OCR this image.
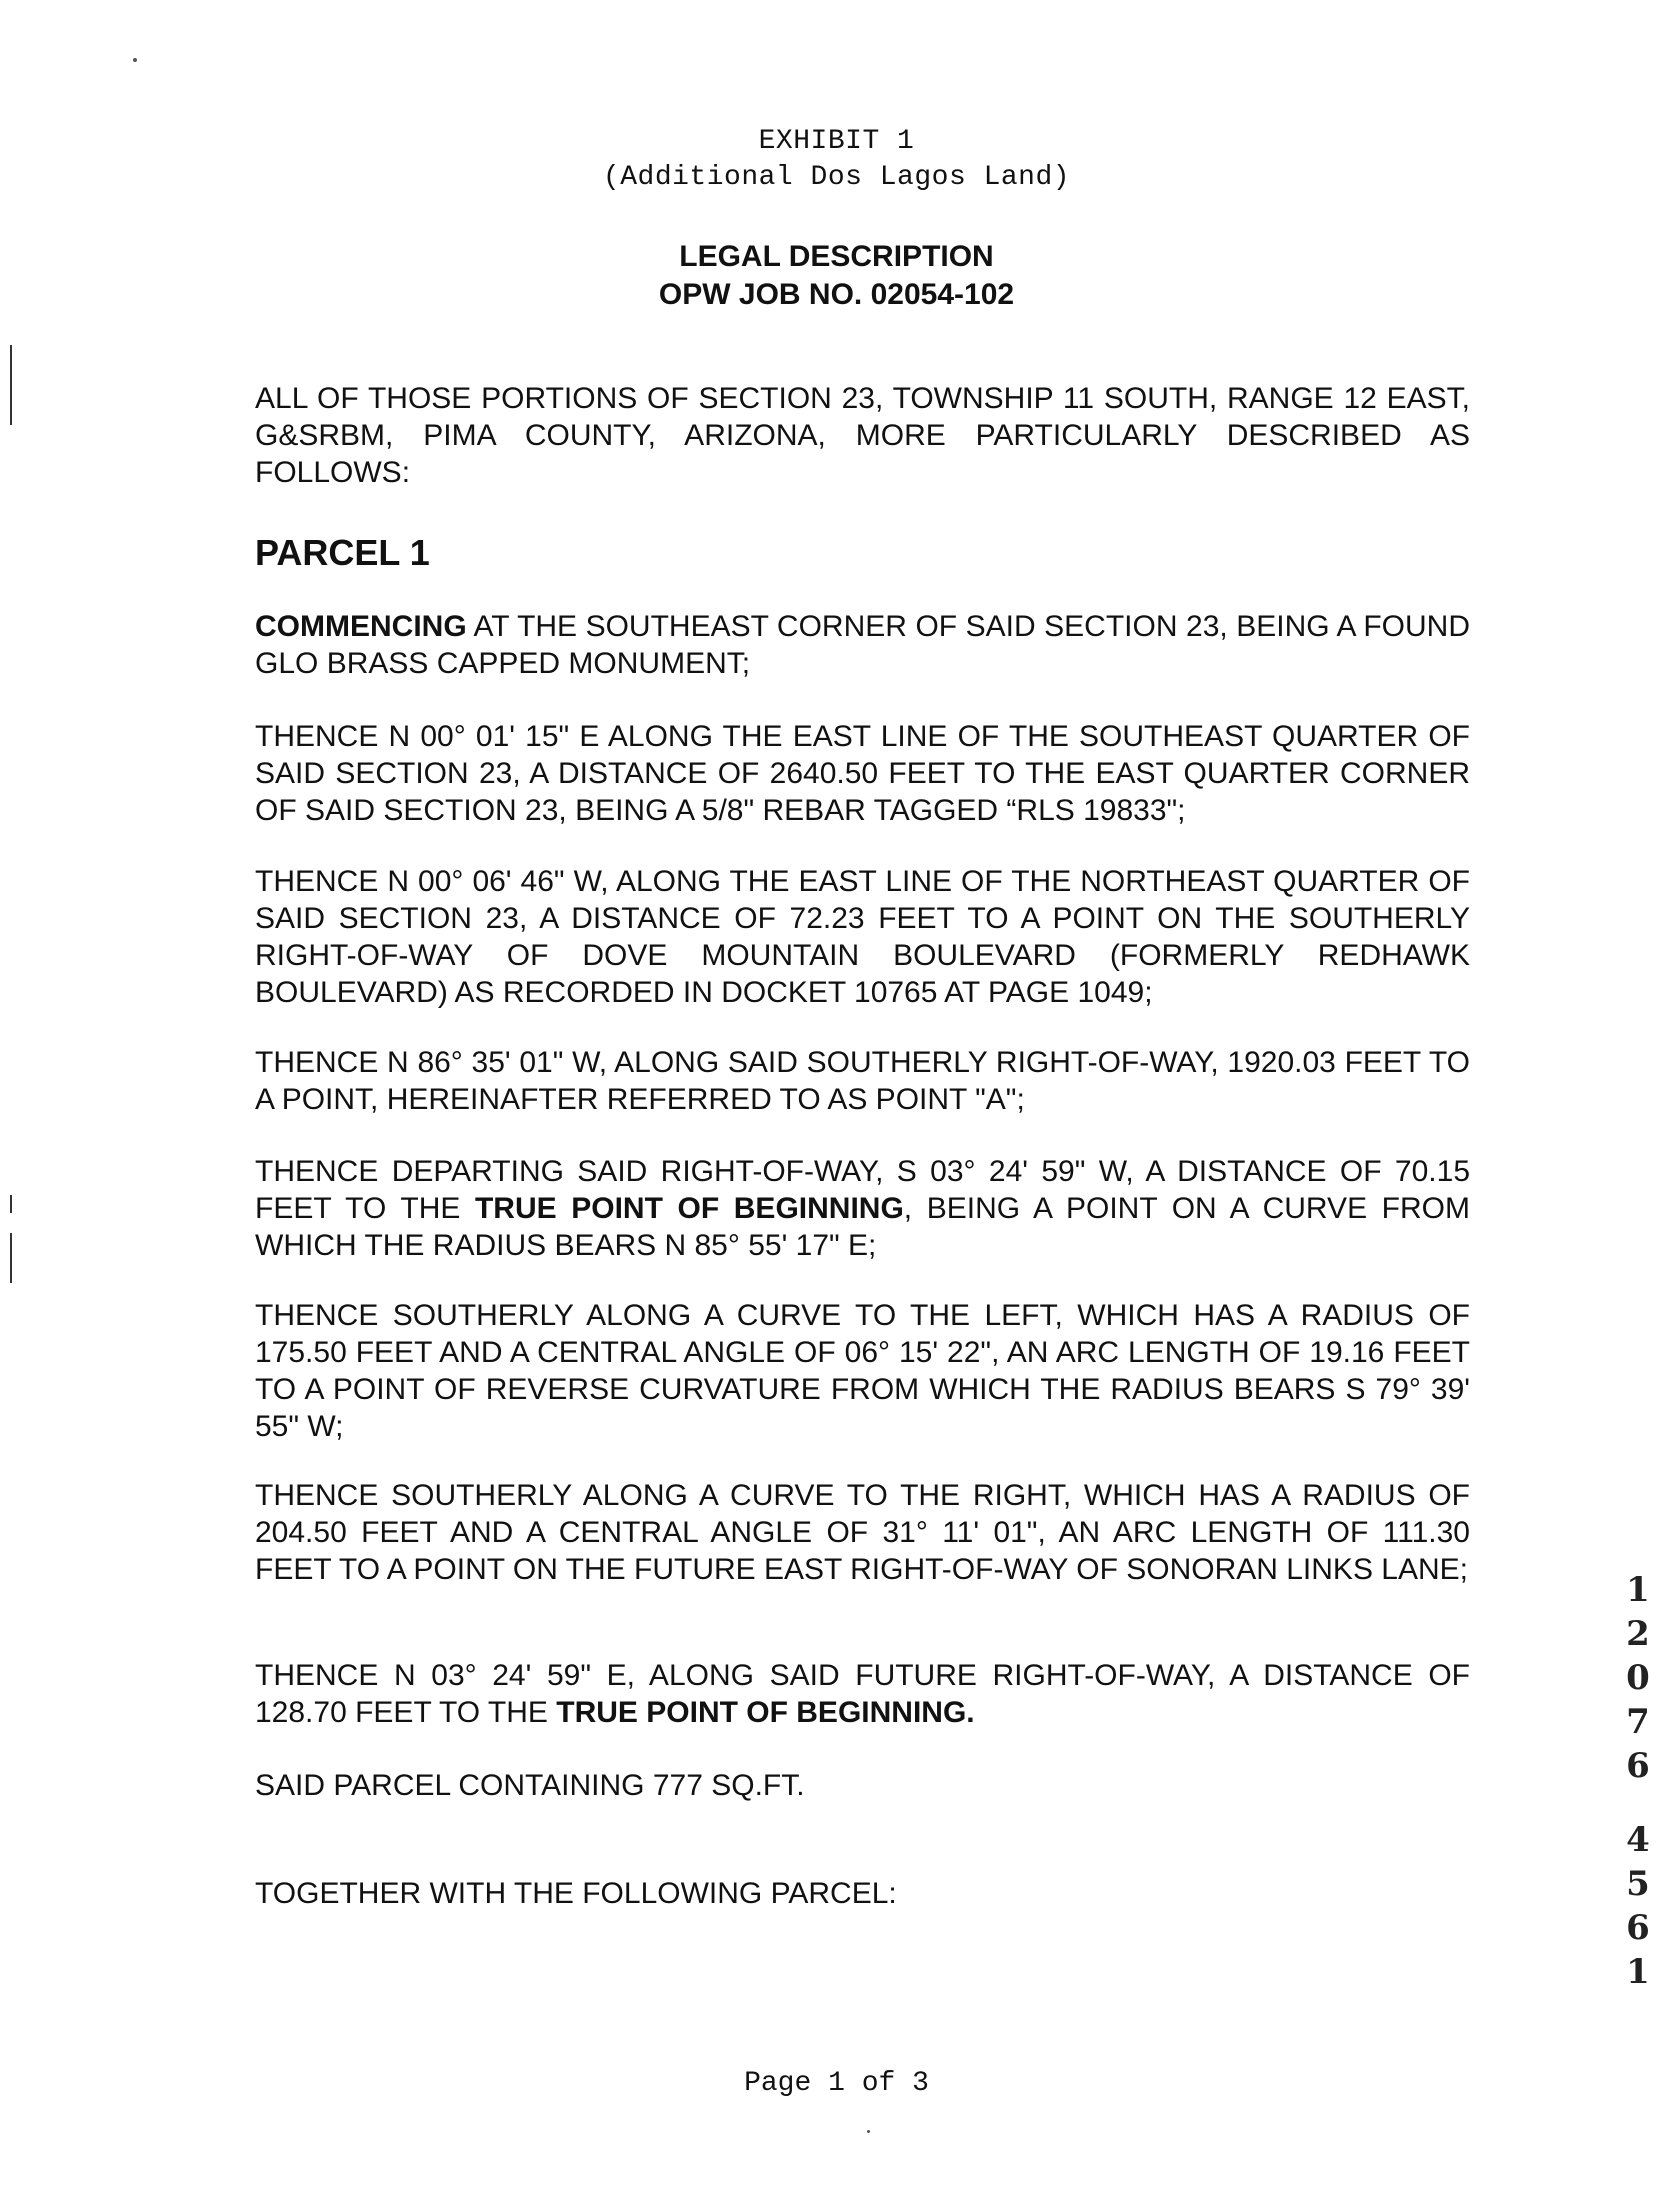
EXHIBIT 1
(Additional Dos Lagos Land)
LEGAL DESCRIPTION
OPW JOB NO. 02054-102
ALL OF THOSE PORTIONS OF SECTION 23, TOWNSHIP 11 SOUTH, RANGE 12 EAST, G&SRBM, PIMA COUNTY, ARIZONA, MORE PARTICULARLY DESCRIBED AS FOLLOWS:
PARCEL 1
COMMENCING AT THE SOUTHEAST CORNER OF SAID SECTION 23, BEING A FOUND GLO BRASS CAPPED MONUMENT;
THENCE N 00° 01' 15" E ALONG THE EAST LINE OF THE SOUTHEAST QUARTER OF SAID SECTION 23, A DISTANCE OF 2640.50 FEET TO THE EAST QUARTER CORNER OF SAID SECTION 23, BEING A 5/8" REBAR TAGGED “RLS 19833";
THENCE N 00° 06' 46" W, ALONG THE EAST LINE OF THE NORTHEAST QUARTER OF SAID SECTION 23, A DISTANCE OF 72.23 FEET TO A POINT ON THE SOUTHERLY RIGHT-OF-WAY OF DOVE MOUNTAIN BOULEVARD (FORMERLY REDHAWK BOULEVARD) AS RECORDED IN DOCKET 10765 AT PAGE 1049;
THENCE N 86° 35' 01" W, ALONG SAID SOUTHERLY RIGHT-OF-WAY, 1920.03 FEET TO A POINT, HEREINAFTER REFERRED TO AS POINT "A";
THENCE DEPARTING SAID RIGHT-OF-WAY, S 03° 24' 59" W, A DISTANCE OF 70.15 FEET TO THE TRUE POINT OF BEGINNING, BEING A POINT ON A CURVE FROM WHICH THE RADIUS BEARS N 85° 55' 17" E;
THENCE SOUTHERLY ALONG A CURVE TO THE LEFT, WHICH HAS A RADIUS OF 175.50 FEET AND A CENTRAL ANGLE OF 06° 15' 22", AN ARC LENGTH OF 19.16 FEET TO A POINT OF REVERSE CURVATURE FROM WHICH THE RADIUS BEARS S 79° 39' 55" W;
THENCE SOUTHERLY ALONG A CURVE TO THE RIGHT, WHICH HAS A RADIUS OF 204.50 FEET AND A CENTRAL ANGLE OF 31° 11' 01", AN ARC LENGTH OF 111.30 FEET TO A POINT ON THE FUTURE EAST RIGHT-OF-WAY OF SONORAN LINKS LANE;
THENCE N 03° 24' 59" E, ALONG SAID FUTURE RIGHT-OF-WAY, A DISTANCE OF 128.70 FEET TO THE TRUE POINT OF BEGINNING.
SAID PARCEL CONTAINING 777 SQ.FT.
TOGETHER WITH THE FOLLOWING PARCEL:
1
2
0
7
6
4
5
6
1
Page 1 of 3
